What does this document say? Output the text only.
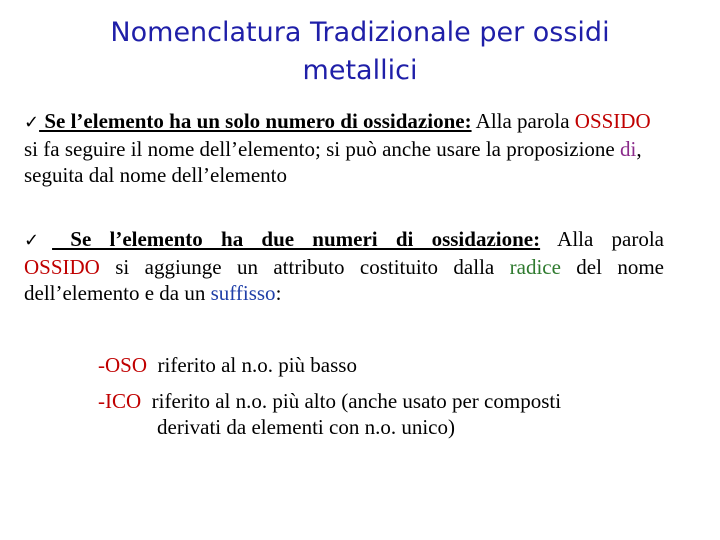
Nomenclatura Tradizionale per ossidi
metallici

✓ Se l’elemento ha un solo numero di ossidazione: Alla parola OSSIDO si fa seguire il nome dell’elemento; si può anche usare la proposizione di, seguita dal nome dell’elemento

✓ Se l’elemento ha due numeri di ossidazione: Alla parola
OSSIDO si aggiunge un attributo costituito dalla radice del nome dell’elemento e da un suffisso:

-OSO  riferito al n.o. più basso

-ICO  riferito al n.o. più alto (anche usato per composti
derivati da elementi con n.o. unico)
